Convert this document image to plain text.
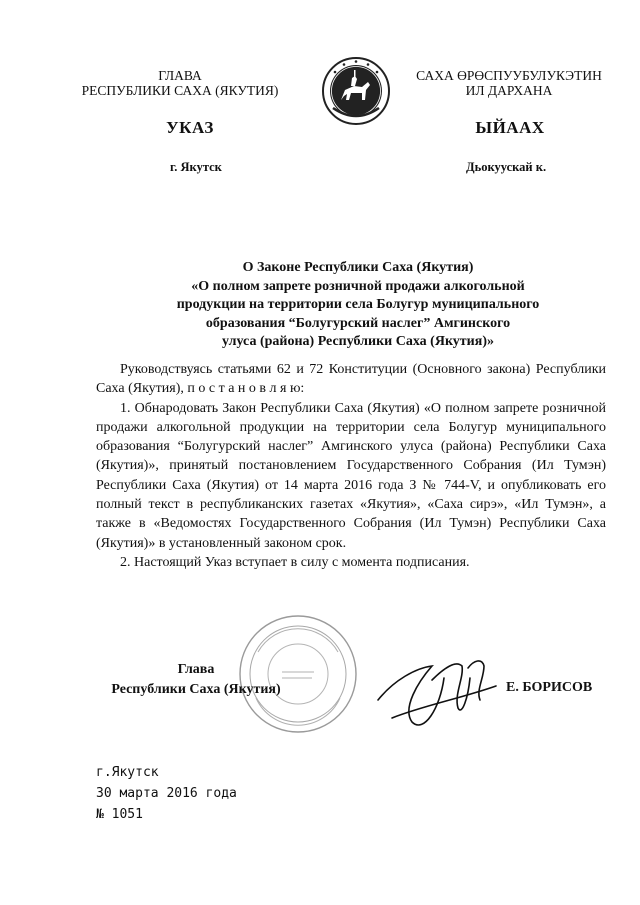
ГЛАВА
РЕСПУБЛИКИ САХА (ЯКУТИЯ)
САХА ӨРӨСПУУБУЛУКЭТИН
ИЛ ДАРХАНА
УКАЗ	ЫЙААХ
г. Якутск	Дьокуускай к.
О Законе Республики Саха (Якутия)
«О полном запрете розничной продажи алкогольной
продукции на территории села Болугур муниципального
образования “Болугурский наслег” Амгинского
улуса (района) Республики Саха (Якутия)»

Руководствуясь статьями 62 и 72 Конституции (Основного закона) Республики Саха (Якутия), п о с т а н о в л я ю:

1. Обнародовать Закон Республики Саха (Якутия) «О полном запрете розничной продажи алкогольной продукции на территории села Болугур муниципального образования “Болугурский наслег” Амгинского улуса (района) Республики Саха (Якутия)», принятый постановлением Государственного Собрания (Ил Тумэн) Республики Саха (Якутия) от 14 марта 2016 года З № 744-V, и опубликовать его полный текст в республиканских газетах «Якутия», «Саха сирэ», «Ил Тумэн», а также в «Ведомостях Государственного Собрания (Ил Тумэн) Республики Саха (Якутия)» в установленный законом срок.

2. Настоящий Указ вступает в силу с момента подписания.

Глава
Республики Саха (Якутия)	Е. БОРИСОВ
г.Якутск
30 марта 2016 года
№ 1051
